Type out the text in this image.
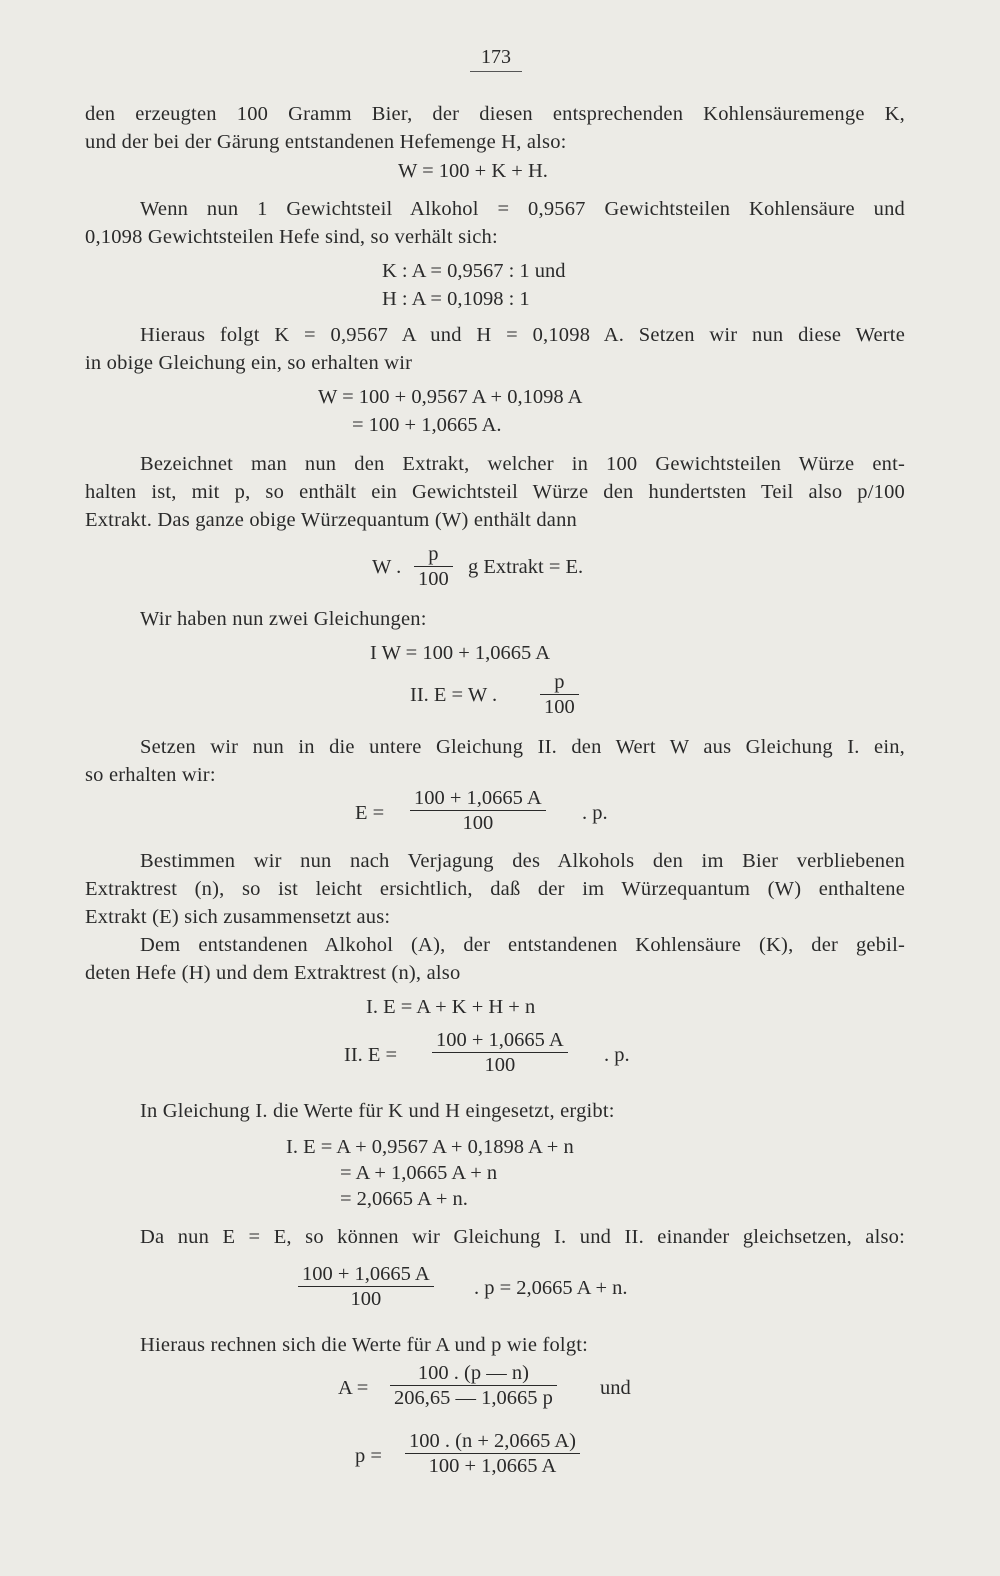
173
den erzeugten 100 Gramm Bier, der diesen entsprechenden Kohlensäuremenge K,
und der bei der Gärung entstandenen Hefemenge H, also:
W = 100 + K + H.
Wenn nun 1 Gewichtsteil Alkohol = 0,9567 Gewichtsteilen Kohlensäure und
0,1098 Gewichtsteilen Hefe sind, so verhält sich:
K : A = 0,9567 : 1 und
H : A = 0,1098 : 1
Hieraus folgt K = 0,9567 A und H = 0,1098 A. Setzen wir nun diese Werte
in obige Gleichung ein, so erhalten wir
W = 100 + 0,9567 A + 0,1098 A
= 100 + 1,0665 A.
Bezeichnet man nun den Extrakt, welcher in 100 Gewichtsteilen Würze ent-
halten ist, mit p, so enthält ein Gewichtsteil Würze den hundertsten Teil also p/100
Extrakt. Das ganze obige Würzequantum (W) enthält dann
W . $\frac{p}{100}$ g Extrakt = E.
Wir haben nun zwei Gleichungen:
I W = 100 + 1,0665 A
II. E = W . $\frac{p}{100}$
Setzen wir nun in die untere Gleichung II. den Wert W aus Gleichung I. ein,
so erhalten wir:
$E = \frac{100 + 1,0665 A}{100}$ . p.
Bestimmen wir nun nach Verjagung des Alkohols den im Bier verbliebenen
Extraktrest (n), so ist leicht ersichtlich, daß der im Würzequantum (W) enthaltene
Extrakt (E) sich zusammensetzt aus:
Dem entstandenen Alkohol (A), der entstandenen Kohlensäure (K), der gebil-
deten Hefe (H) und dem Extraktrest (n), also
I. E = A + K + H + n
II. $E = \frac{100 + 1,0665 A}{100}$ . p.
In Gleichung I. die Werte für K und H eingesetzt, ergibt:
I. E = A + 0,9567 A + 0,1898 A + n
= A + 1,0665 A + n
= 2,0665 A + n.
Da nun E = E, so können wir Gleichung I. und II. einander gleichsetzen, also:
$\frac{100 + 1,0665 A}{100}$ . p = 2,0665 A + n.
Hieraus rechnen sich die Werte für A und p wie folgt:
$A = \frac{100 . (p — n)}{206,65 — 1,0665 p}$ und
$p = \frac{100 . (n + 2,0665 A)}{100 + 1,0665 A}$
